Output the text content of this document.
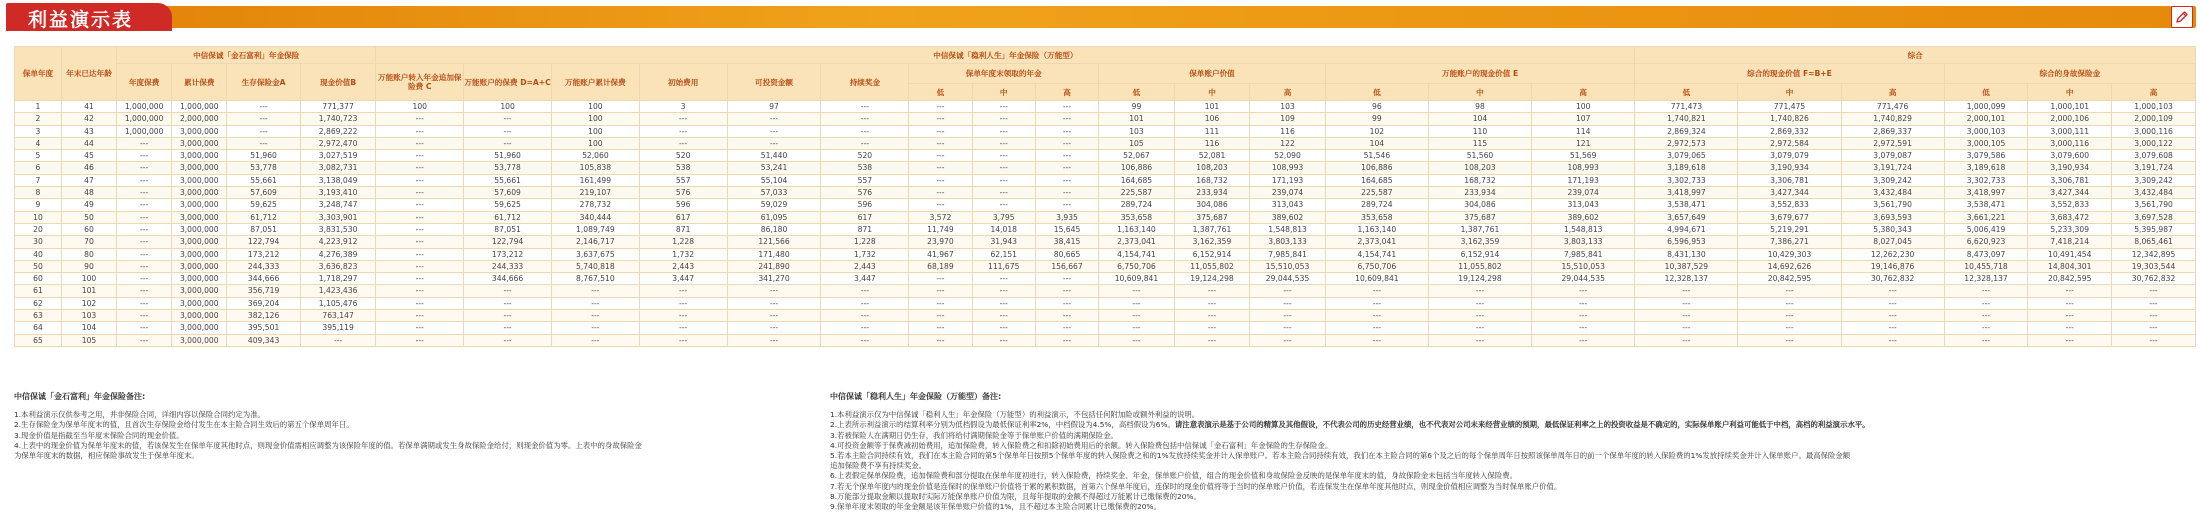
利益演示表
保单年度	年末已达年龄	中信保诚「金石富利」年金保险				中信保诚「稳利人生」年金保险（万能型）															综合					
		年度保费	累计保费	生存保险金A	现金价值B	万能账户转入年金追加保险费 C	万能账户的保费 D=A+C	万能账户累计保费	初始费用	可投资金额	持续奖金	保单年度末领取的年金			保单账户价值			万能账户的现金价值 E			综合的现金价值 F=B+E			综合的身故保险金		
												低	中	高	低	中	高	低	中	高	低	中	高	低	中	高
1	41	1,000,000	1,000,000	---	771,377	100	100	100	3	97	---	---	---	---	99	101	103	96	98	100	771,473	771,475	771,476	1,000,099	1,000,101	1,000,103
2	42	1,000,000	2,000,000	---	1,740,723	---	---	100	---	---	---	---	---	---	101	106	109	99	104	107	1,740,821	1,740,826	1,740,829	2,000,101	2,000,106	2,000,109
3	43	1,000,000	3,000,000	---	2,869,222	---	---	100	---	---	---	---	---	---	103	111	116	102	110	114	2,869,324	2,869,332	2,869,337	3,000,103	3,000,111	3,000,116
4	44	---	3,000,000	---	2,972,470	---	---	100	---	---	---	---	---	---	105	116	122	104	115	121	2,972,573	2,972,584	2,972,591	3,000,105	3,000,116	3,000,122
5	45	---	3,000,000	51,960	3,027,519	---	51,960	52,060	520	51,440	520	---	---	---	52,067	52,081	52,090	51,546	51,560	51,569	3,079,065	3,079,079	3,079,087	3,079,586	3,079,600	3,079,608
6	46	---	3,000,000	53,778	3,082,731	---	53,778	105,838	538	53,241	538	---	---	---	106,886	108,203	108,993	106,886	108,203	108,993	3,189,618	3,190,934	3,191,724	3,189,618	3,190,934	3,191,724
7	47	---	3,000,000	55,661	3,138,049	---	55,661	161,499	557	55,104	557	---	---	---	164,685	168,732	171,193	164,685	168,732	171,193	3,302,733	3,306,781	3,309,242	3,302,733	3,306,781	3,309,242
8	48	---	3,000,000	57,609	3,193,410	---	57,609	219,107	576	57,033	576	---	---	---	225,587	233,934	239,074	225,587	233,934	239,074	3,418,997	3,427,344	3,432,484	3,418,997	3,427,344	3,432,484
9	49	---	3,000,000	59,625	3,248,747	---	59,625	278,732	596	59,029	596	---	---	---	289,724	304,086	313,043	289,724	304,086	313,043	3,538,471	3,552,833	3,561,790	3,538,471	3,552,833	3,561,790
10	50	---	3,000,000	61,712	3,303,901	---	61,712	340,444	617	61,095	617	3,572	3,795	3,935	353,658	375,687	389,602	353,658	375,687	389,602	3,657,649	3,679,677	3,693,593	3,661,221	3,683,472	3,697,528
20	60	---	3,000,000	87,051	3,831,530	---	87,051	1,089,749	871	86,180	871	11,749	14,018	15,645	1,163,140	1,387,761	1,548,813	1,163,140	1,387,761	1,548,813	4,994,671	5,219,291	5,380,343	5,006,419	5,233,309	5,395,987
30	70	---	3,000,000	122,794	4,223,912	---	122,794	2,146,717	1,228	121,566	1,228	23,970	31,943	38,415	2,373,041	3,162,359	3,803,133	2,373,041	3,162,359	3,803,133	6,596,953	7,386,271	8,027,045	6,620,923	7,418,214	8,065,461
40	80	---	3,000,000	173,212	4,276,389	---	173,212	3,637,675	1,732	171,480	1,732	41,967	62,151	80,665	4,154,741	6,152,914	7,985,841	4,154,741	6,152,914	7,985,841	8,431,130	10,429,303	12,262,230	8,473,097	10,491,454	12,342,895
50	90	---	3,000,000	244,333	3,636,823	---	244,333	5,740,818	2,443	241,890	2,443	68,189	111,675	156,667	6,750,706	11,055,802	15,510,053	6,750,706	11,055,802	15,510,053	10,387,529	14,692,626	19,146,876	10,455,718	14,804,301	19,303,544
60	100	---	3,000,000	344,666	1,718,297	---	344,666	8,767,510	3,447	341,270	3,447	---	---	---	10,609,841	19,124,298	29,044,535	10,609,841	19,124,298	29,044,535	12,328,137	20,842,595	30,762,832	12,328,137	20,842,595	30,762,832
61	101	---	3,000,000	356,719	1,423,436	---	---	---	---	---	---	---	---	---	---	---	---	---	---	---	---	---	---	---	---	---
62	102	---	3,000,000	369,204	1,105,476	---	---	---	---	---	---	---	---	---	---	---	---	---	---	---	---	---	---	---	---	---
63	103	---	3,000,000	382,126	763,147	---	---	---	---	---	---	---	---	---	---	---	---	---	---	---	---	---	---	---	---	---
64	104	---	3,000,000	395,501	395,119	---	---	---	---	---	---	---	---	---	---	---	---	---	---	---	---	---	---	---	---	---
65	105	---	3,000,000	409,343	---	---	---	---	---	---	---	---	---	---	---	---	---	---	---	---	---	---	---	---	---	---
中信保诚「金石富利」年金保险备注:
1.本利益演示仅供参考之用，并非保险合同，详细内容以保险合同约定为准。
2.生存保险金为保单年度末的值，且首次生存保险金给付发生在本主险合同生效后的第五个保单周年日。
3.现金价值是指截至当年度末保险合同的现金价值。
4.上表中的现金价值为保单年度末的值，若该保发生在保单年度其他时点，则现金价值需相应调整为该保险年度的值。若保单满期或发生身故保险金给付，则现金价值为零。上表中的身故保险金为保单年度末的数据，相应保险事故发生于保单年度末。
中信保诚「稳利人生」年金保险（万能型）备注:
1.本利益演示仅为中信保诚「稳利人生」年金保险（万能型）的利益演示，不包括任何附加险或额外利益的说明。
2.上表所示利益演示的结算利率分别为低档假设为最低保证利率2%，中档假设为4.5%，高档假设为6%。请注意表演示是基于公司的精算及其他假设，不代表公司的历史经营业绩，也不代表对公司未来经营业绩的预期，最低保证利率之上的投资收益是不确定的，实际保单账户利益可能低于中档，高档的利益演示水平。
3.若被保险人在满期日仍生存，我们将给付满期保险金等于保单账户价值的满期保险金。
4.可投资金额等于保费减初始费用，追加保险费，转入保险费之和扣除初始费用后的余额。转入保险费包括中信保诚「金石富利」年金保险的生存保险金。
5.若本主险合同持续有效，我们在本主险合同的第5个保单年日按照5个保单年度的转入保险费之和的1%发放持续奖金并计入保单账户。若本主险合同持续有效，我们在本主险合同的第6个及之后的每个保单周年日按照该保单周年日的前一个保单年度的转入保险费的1%发放持续奖金并计入保单账户。最高保险金额
追加保险费不享有持续奖金。
6.上表假定保单保险费，追加保险费和部分提取在保单年度初进行，转入保险费，持续奖金、年金，保单账户价值，组合的现金价值和身故保险金反映的是保单年度末的值，身故保险金未包括当年度转入保险费。
7.若无个保单年度内的现金价值是连保时的保单账户价值将于累的累积数据，首第六个保单年度后，连保时的现金价值将等于当时的保单账户价值，若连保发生在保单年度其他时点，则现金价值相应调整为当时保单账户价值。
8.万能部分提取金额以提取时实际万能保单账户价值为限，且每年提取的金额不得超过万能累计已缴保费的20%。
9.保单年度末领取的年金金额是该年保单账户价值的1%，且不超过本主险合同累计已缴保费的20%。
